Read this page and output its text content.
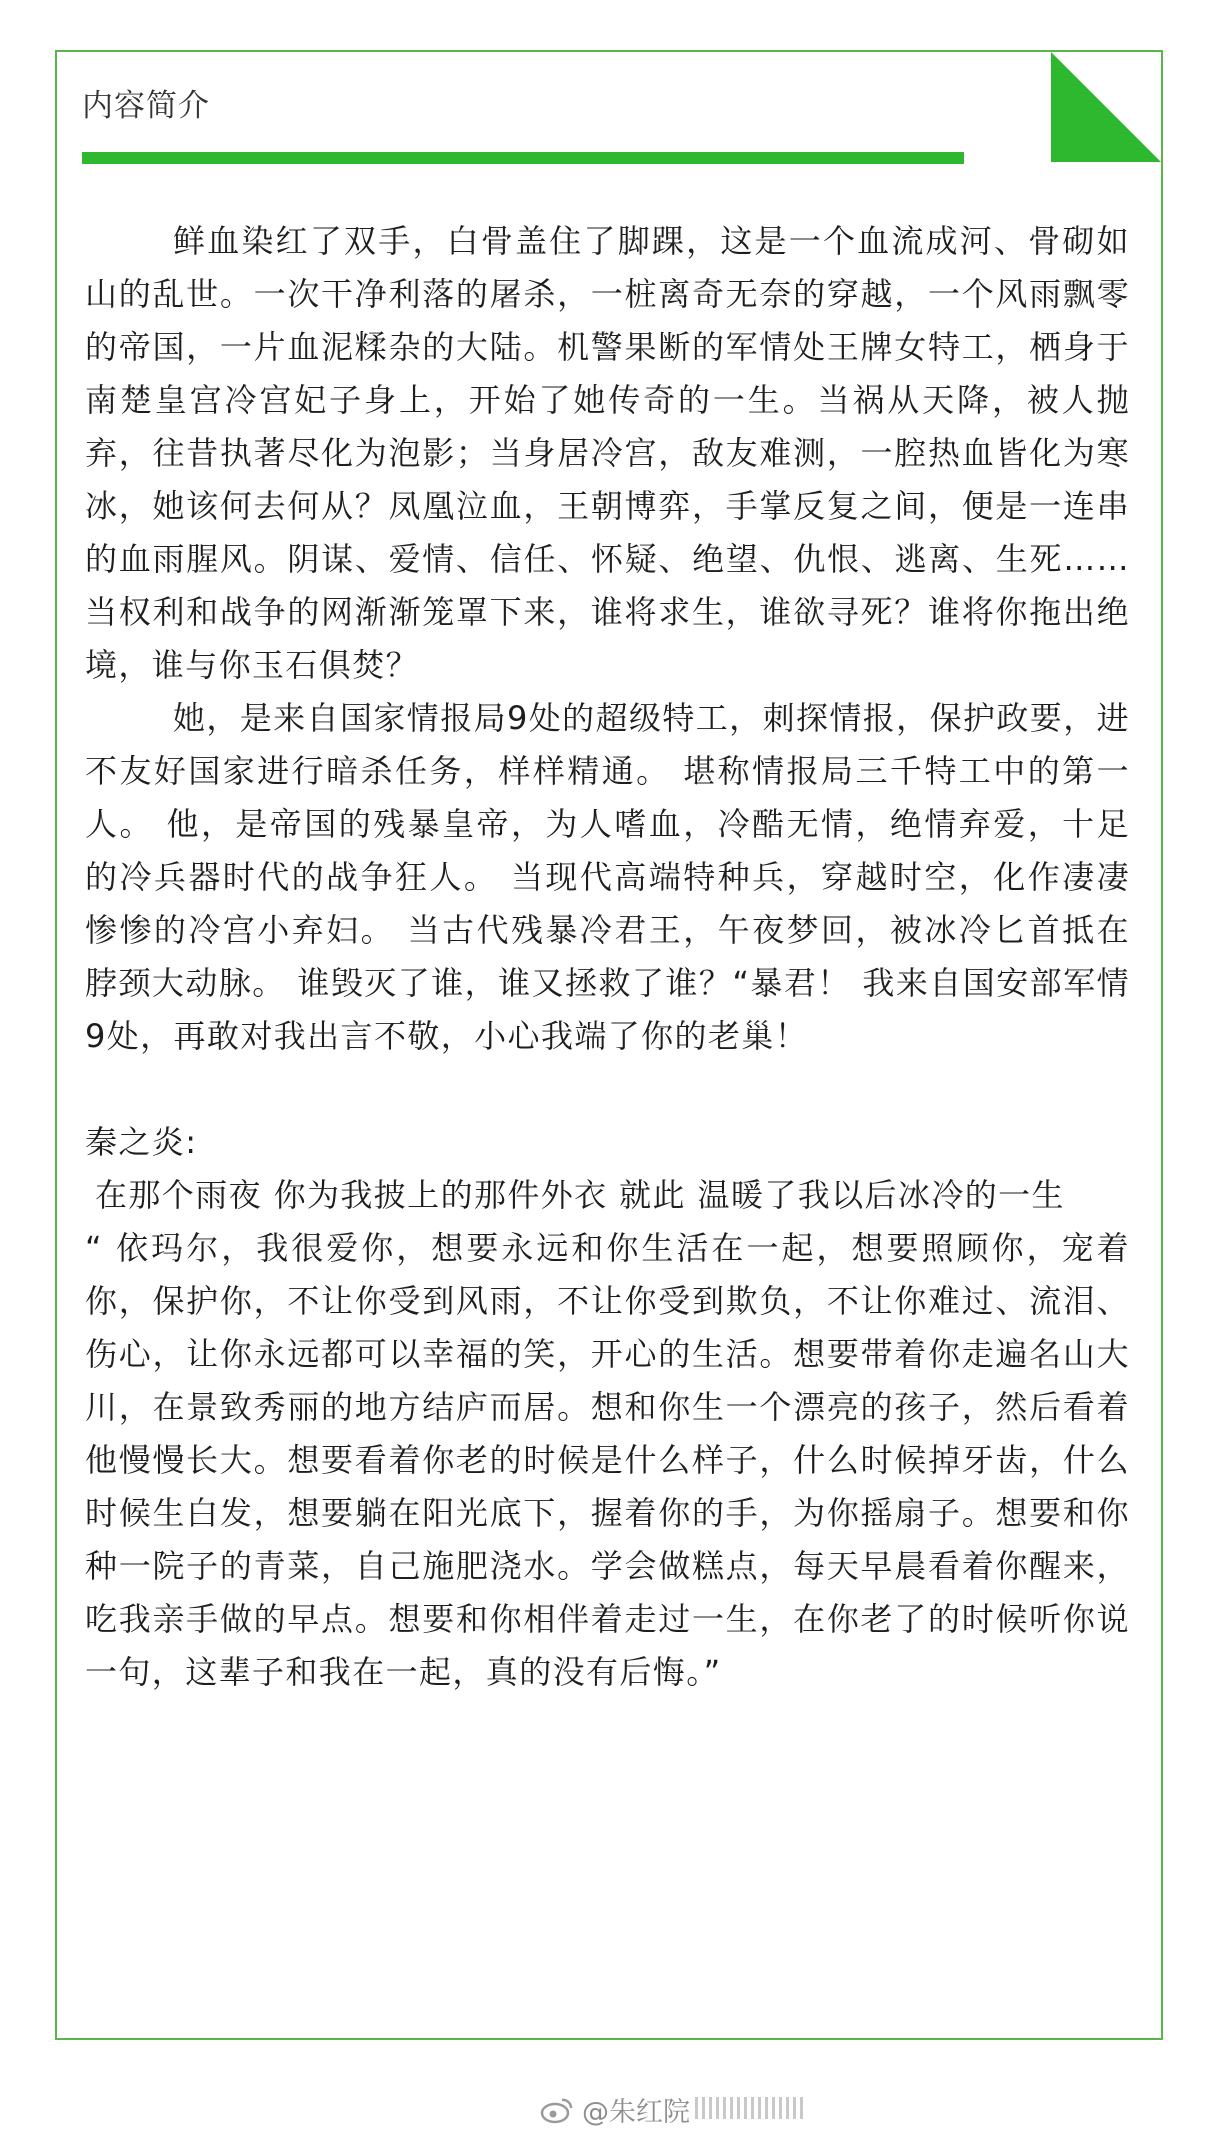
内容简介

鲜血染红了双手，白骨盖住了脚踝，这是一个血流成河、骨砌如山的乱世。一次干净利落的屠杀，一桩离奇无奈的穿越，一个风雨飘零的帝国，一片血泥糅杂的大陆。机警果断的军情处王牌女特工，栖身于南楚皇宫冷宫妃子身上，开始了她传奇的一生。当祸从天降，被人抛弃，往昔执著尽化为泡影；当身居冷宫，敌友难测，一腔热血皆化为寒冰，她该何去何从？凤凰泣血，王朝博弈，手掌反复之间，便是一连串的血雨腥风。阴谋、爱情、信任、怀疑、绝望、仇恨、逃离、生死……当权利和战争的网渐渐笼罩下来，谁将求生，谁欲寻死？谁将你拖出绝境，谁与你玉石俱焚？

她，是来自国家情报局9处的超级特工，刺探情报，保护政要，进不友好国家进行暗杀任务，样样精通。 堪称情报局三千特工中的第一人。 他，是帝国的残暴皇帝，为人嗜血，冷酷无情，绝情弃爱，十足的冷兵器时代的战争狂人。 当现代高端特种兵，穿越时空，化作凄凄惨惨的冷宫小弃妇。 当古代残暴冷君王，午夜梦回，被冰冷匕首抵在脖颈大动脉。 谁毁灭了谁，谁又拯救了谁？“暴君！ 我来自国安部军情9处，再敢对我出言不敬，小心我端了你的老巢！

秦之炎:

在那个雨夜 你为我披上的那件外衣 就此 温暖了我以后冰冷的一生

“ 依玛尔，我很爱你，想要永远和你生活在一起，想要照顾你，宠着你，保护你，不让你受到风雨，不让你受到欺负，不让你难过、流泪、伤心，让你永远都可以幸福的笑，开心的生活。想要带着你走遍名山大川，在景致秀丽的地方结庐而居。想和你生一个漂亮的孩子，然后看着他慢慢长大。想要看着你老的时候是什么样子，什么时候掉牙齿，什么时候生白发，想要躺在阳光底下，握着你的手，为你摇扇子。想要和你种一院子的青菜，自己施肥浇水。学会做糕点，每天早晨看着你醒来，吃我亲手做的早点。想要和你相伴着走过一生，在你老了的时候听你说一句，这辈子和我在一起，真的没有后悔。”

@朱红院
